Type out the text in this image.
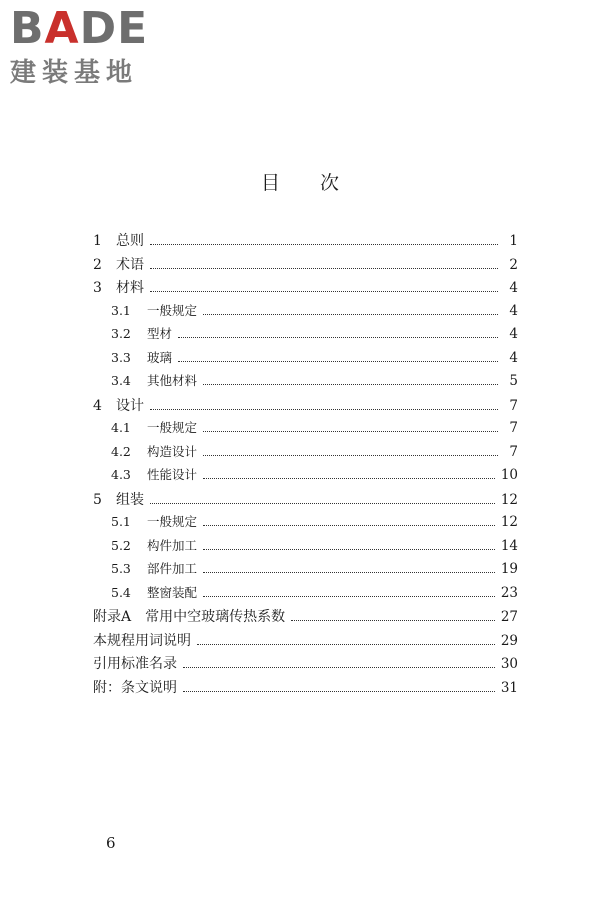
B A DE
建装基地
目次
1 总则	1
2 术语	2
3 材料	4
3.1	一般规定	4
3.2	型材	4
3.3	玻璃	4
3.4	其他材料	5
4 设计	7
4.1	一般规定	7
4.2	构造设计	7
4.3	性能设计	10
5 组装	12
5.1	一般规定	12
5.2	构件加工	14
5.3	部件加工	19
5.4	整窗装配	23
附录A　常用中空玻璃传热系数	27
本规程用词说明	29
引用标准名录	30
附：条文说明	31
6
